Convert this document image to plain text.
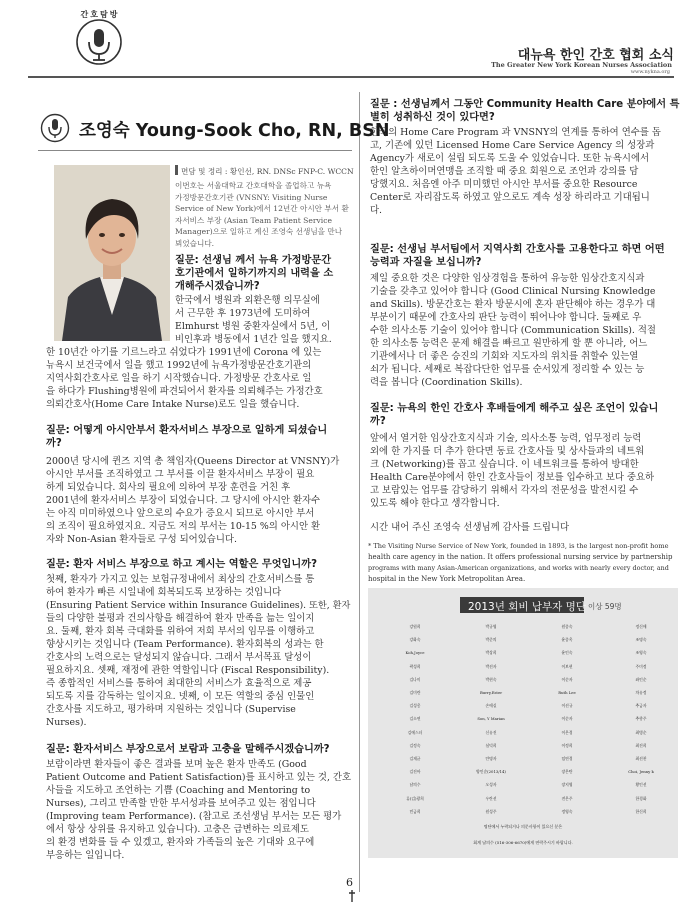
간호탐방
대뉴욕 한인 간호 협회 소식
The Greater New York Korean Nurses Association
www.nykna.org
조영숙 Young-Sook Cho, RN, BSN
면담 및 정리 : 황인선, RN. DNSc FNP-C. WCCN
이번호는 서울대학교 간호대학을 졸업하고 뉴욕
가정방문간호기관 (VNSNY: Visiting Nurse
Service of New York)에서 12년간 아시안 부서 환
자서비스 부장 (Asian Team Patient Service
Manager)으로 일하고 계신 조영숙 선생님을 만나
뵈었습니다.
질문: 선생님 께서 뉴욕 가정방문간
호기관에서 일하기까지의 내력을 소
개해주시겠습니까?
한국에서 병원과 외환은행 의무실에
서 근무한 후 1973년에 도미하여
Elmhurst 병원 중환자실에서 5년, 이
비인후과 병동에서 1년간 일을 했지요.
한 10년간 아기를 기르느라고 쉬었다가 1991년에 Corona 에 있는
뉴욕시 보건국에서 일을 했고 1992년에 뉴욕가정방문간호기관의
지역사회간호사로 일을 하기 시작했습니다. 가정방문 간호사로 일
을 하다가 Flushing병원에 파견되어서 환자를 의뢰해주는 가정간호
의뢰간호사(Home Care Intake Nurse)로도 일을 했습니다.
질문: 어떻게 아시안부서 환자서비스 부장으로 일하게 되셨습니
까?
2000년 당시에 퀸즈 지역 총 책임자(Queens Director at VNSNY)가
아시안 부서를 조직하였고 그 부서를 이끌 환자서비스 부장이 필요
하게 되었습니다. 회사의 필요에 의하여 부장 훈련을 거친 후
2001년에 환자서비스 부장이 되었습니다. 그 당시에 아시안 환자수
는 아직 미미하였으나 앞으로의 수요가 증요시 되므로 아시안 부서
의 조직이 필요하였지요. 지금도 저의 부서는 10-15 %의 아시안 환
자와 Non-Asian 환자들로 구성 되어있습니다.
질문: 환자 서비스 부장으로 하고 계시는 역할은 무엇입니까?
첫째, 환자가 가지고 있는 보험규정내에서 최상의 간호서비스를 통
하여 환자가 빠른 시일내에 회복되도록 보장하는 것입니다
(Ensuring Patient Service within Insurance Guidelines). 또한, 환자
들의 다양한 불평과 건의사항을 해결하여 환자 만족을 늚는 일이지
요. 둘째, 환자 회복 극대화를 위하여 저희 부서의 임무를 이행하고
향상시키는 것입니다 (Team Performance). 환자회복의 성과는 한
간호사의 노력으로는 달성되지 않습니다. 그래서 부서목표 달성이
필요하지요. 셋째, 재정에 관한 역할입니다 (Fiscal Responsibility).
즉 종합적인 서비스를 통하여 최대한의 서비스가 효율적으로 제공
되도록 지를 감독하는 일이지요. 넷째, 이 모든 역할의 중심 인물인
간호사를 지도하고, 평가하며 지원하는 것입니다 (Supervise
Nurses).
질문: 환자서비스 부장으로서 보람과 고충을 말해주시겠습니까?
보람이라면 환자들이 좋은 결과를 보며 높은 환자 만족도 (Good
Patient Outcome and Patient Satisfaction)를 표시하고 있는 것, 간호
사들을 지도하고 조언하는 기쁨 (Coaching and Mentoring to
Nurses), 그리고 만족할 만한 부서성과를 보여주고 있는 점입니다
(Improving team Performance). (참고로 조선생님 부서는 모든 평가
에서 항상 상위를 유지하고 있습니다). 고충은 급변하는 의료제도
의 환경 변화를 들 수 있겠고, 환자와 가족들의 높은 기대와 요구에
부응하는 일입니다.
질문 : 선생님께서 그동안 Community Health Care 분야에서 특
별히 성취하신 것이 있다면?
한국의 Home Care Program 과 VNSNY의 연계를 통하여 연수를 돕
고, 기존에 있던 Licensed Home Care Service Agency 의 성장과
Agency가 새로이 설립 되도록 도울 수 있었습니다. 또한 뉴욕시에서
한인 알츠하이머연맹을 조직할 때 중요 회원으로 조언과 강의를 담
당했지요. 처음엔 아주 미미했던 아시안 부서를 중요한 Resource
Center로 자리잡도록 하였고 앞으로도 계속 성장 하리라고 기대됩니
다.
질문: 선생님 부서팀에서 지역사회 간호사를 고용한다고 하면 어떤
능력과 자질을 보십니까?
제일 중요한 것은 다양한 임상경험을 통하여 유능한 임상간호지식과
기술을 갖추고 있어야 합니다 (Good Clinical Nursing Knowledge
and Skills). 방문간호는 환자 방문시에 혼자 판단해야 하는 경우가 대
부분이기 때문에 간호사의 판단 능력이 뛰어나야 합니다. 둘째로 우
수한 의사소통 기술이 있어야 합니다 (Communication Skills). 적절
한 의사소통 능력은 문제 해결을 빠르고 원만하게 할 뿐 아니라, 어느
기관에서나 더 좋은 승진의 기회와 지도자의 위치를 취할수 있는열
쇠가 됩니다. 세째로 복잡다단한 업무를 순서있게 정리할 수 있는 능
력을 봅니다 (Coordination Skills).
질문: 뉴욕의 한인 간호사 후배들에게 해주고 싶은 조언이 있습니
까?
앞에서 열거한 임상간호지식과 기술, 의사소통 능력, 업무정리 능력
외에 한 가지를 더 추가 한다면 동료 간호사들 및 상사들과의 네트워
크 (Networking)를 꼽고 싶습니다. 이 네트워크를 통하여 방대한
Health Care분야에서 한인 간호사들이 정보를 입수하고 보다 중요하
고 보람있는 업무를 감당하기 위해서 각자의 전문성을 발전시킬 수
있도록 해야 한다고 생각합니다.
시간 내어 주신 조영숙 선생님께 감사를 드립니다
* The Visiting Nurse Service of New York, founded in 1893, is the largest non-profit home
health care agency in the nation. It offers professional nursing service by partnership
programs with many Asian-American organizations, and works with nearly every doctor, and
hospital in the New York Metropolitan Area.
2013년 회비 납부자 명단 이상 59명
강원희
강화숙
Koh,Joyce
곽성희
김나미
김미란
김성옹
김소연
김에스더
김정숙
김재균
김진아
남의수
류(김)광희
민금희
박규영
박준의
박상희
박선자
박현숙
Burry,Ester
손애실
Son, Y Marian
신유진
심덕희
안명자
양인순(2013/14)
오성자
우란선
원성주
원종숙
윤종옥
윤인숙
이보현
이순자
Ruth Lee
이선규
이순자
이은경
이정희
임연경
장은탄
장지영
전은주
정영숙
정신애
조명숙
조영숙
주미정
좌인순
차유정
추금자
추향주
최병순
최진희
최선찬
Choi, Jenny k
황인선
한경화
한신희
명단에서 누락되거나 의문사항이 있으신 분은
회계 남의수 (516-306-6670)에게 연락주시기 바랍니다.
6
